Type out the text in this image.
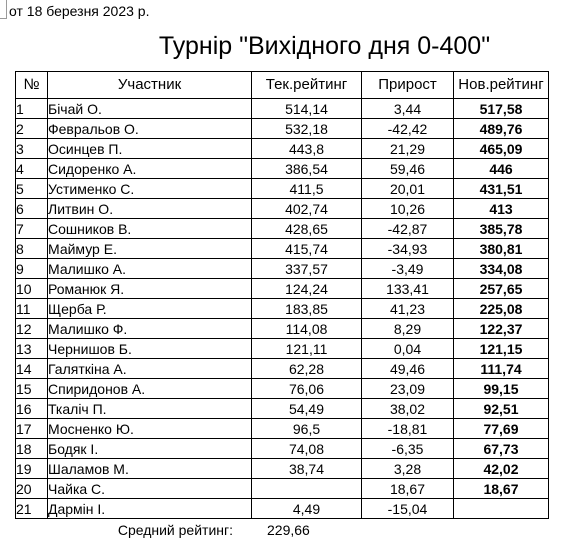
от 18 березня 2023 р.
Турнір "Вихідного дня 0-400"
№	Участник	Тек.рейтинг	Прирост	Нов.рейтинг
1	Бічай О.	514,14	3,44	517,58
2	Февральов О.	532,18	-42,42	489,76
3	Осинцев П.	443,8	21,29	465,09
4	Сидоренко А.	386,54	59,46	446
5	Устименко С.	411,5	20,01	431,51
6	Литвин О.	402,74	10,26	413
7	Сошников В.	428,65	-42,87	385,78
8	Маймур Е.	415,74	-34,93	380,81
9	Малишко А.	337,57	-3,49	334,08
10	Романюк Я.	124,24	133,41	257,65
11	Щерба Р.	183,85	41,23	225,08
12	Малишко Ф.	114,08	8,29	122,37
13	Чернишов Б.	121,11	0,04	121,15
14	Галяткіна А.	62,28	49,46	111,74
15	Спиридонов А.	76,06	23,09	99,15
16	Ткаліч П.	54,49	38,02	92,51
17	Мосненко Ю.	96,5	-18,81	77,69
18	Бодяк І.	74,08	-6,35	67,73
19	Шаламов М.	38,74	3,28	42,02
20	Чайка С.		18,67	18,67
21	Дармін І.	4,49	-15,04	
Средний рейтинг: 229,66
